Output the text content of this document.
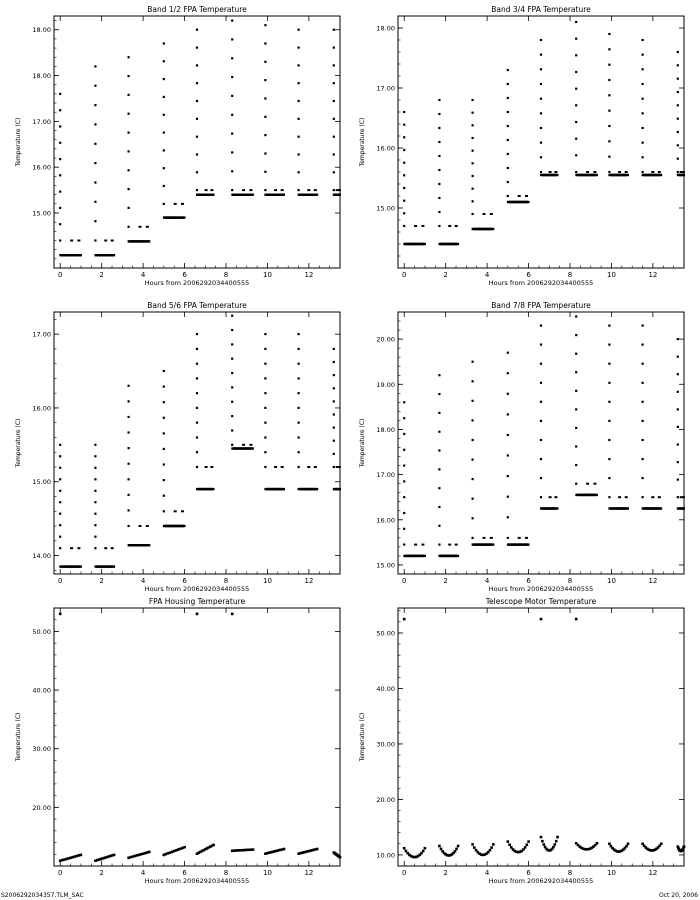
Band 1/2 FPA Temperature
Hours from 2006292034400555
Temperature (C)
0	2	4	6	8	10	12
15.00
16.00
17.00
18.00
18.00
Band 3/4 FPA Temperature
Hours from 2006292034400555
Temperature (C)
0	2	4	6	8	10	12
15.00
16.00
17.00
18.00
Band 5/6 FPA Temperature
Hours from 2006292034400555
Temperature (C)
0	2	4	6	8	10	12
14.00
15.00
16.00
17.00
Band 7/8 FPA Temperature
Hours from 2006292034400555
Temperature (C)
0	2	4	6	8	10	12
15.00
16.00
17.00
18.00
19.00
20.00
FPA Housing Temperature
Hours from 2006292034400555
Temperature (C)
0	2	4	6	8	10	12
20.00
30.00
40.00
50.00
Telescope Motor Temperature
Hours from 2006292034400555
Temperature (C)
0	2	4	6	8	10	12
10.00
20.00
30.00
40.00
50.00
S2006292034357.TLM_SAC	Oct 20, 2006
